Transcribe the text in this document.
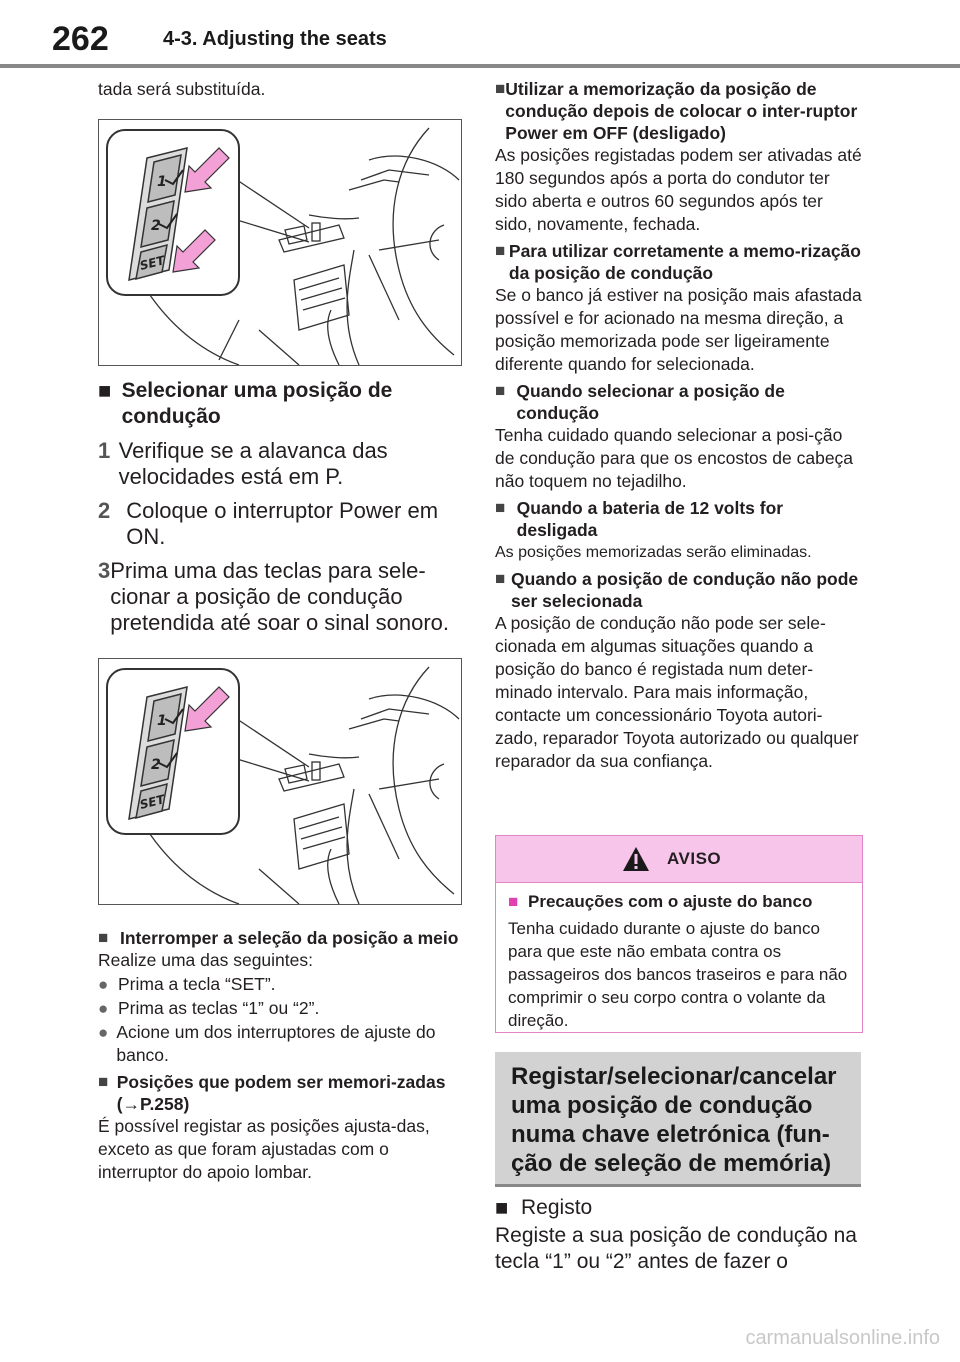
262	4-3. Adjusting the seats

tada será substituída.

1
2
SET
■ Selecionar uma posição de condução
1 Verifique se a alavanca das velocidades está em P.
2 Coloque o interruptor Power em ON.
3 Prima uma das teclas para sele-cionar a posição de condução pretendida até soar o sinal sonoro.
1
2
SET
■ Interromper a seleção da posição a meio

Realize uma das seguintes:

● Prima a tecla “SET”.
● Prima as teclas “1” ou “2”.
● Acione um dos interruptores de ajuste do banco.
■ Posições que podem ser memori-zadas (→P.258)

É possível registar as posições ajusta-das, exceto as que foram ajustadas com o interruptor do apoio lombar.

■ Utilizar a memorização da posição de condução depois de colocar o inter-ruptor Power em OFF (desligado)

As posições registadas podem ser ativadas até 180 segundos após a porta do condutor ter sido aberta e outros 60 segundos após ter sido, novamente, fechada.

■ Para utilizar corretamente a memo-rização da posição de condução

Se o banco já estiver na posição mais afastada possível e for acionado na mesma direção, a posição memorizada pode ser ligeiramente diferente quando for selecionada.

■ Quando selecionar a posição de condução

Tenha cuidado quando selecionar a posi-ção de condução para que os encostos de cabeça não toquem no tejadilho.

■ Quando a bateria de 12 volts for desligada

As posições memorizadas serão eliminadas.

■ Quando a posição de condução não pode ser selecionada

A posição de condução não pode ser sele-cionada em algumas situações quando a posição do banco é registada num deter-minado intervalo. Para mais informação, contacte um concessionário Toyota autori-zado, reparador Toyota autorizado ou qualquer reparador da sua confiança.

AVISO
■ Precauções com o ajuste do banco

Tenha cuidado durante o ajuste do banco para que este não embata contra os passageiros dos bancos traseiros e para não comprimir o seu corpo contra o volante da direção.

Registar/selecionar/cancelar uma posição de condução numa chave eletrónica (fun-ção de seleção de memória)
■ Registo

Registe a sua posição de condução na tecla “1” ou “2” antes de fazer o

carmanualsonline.info
